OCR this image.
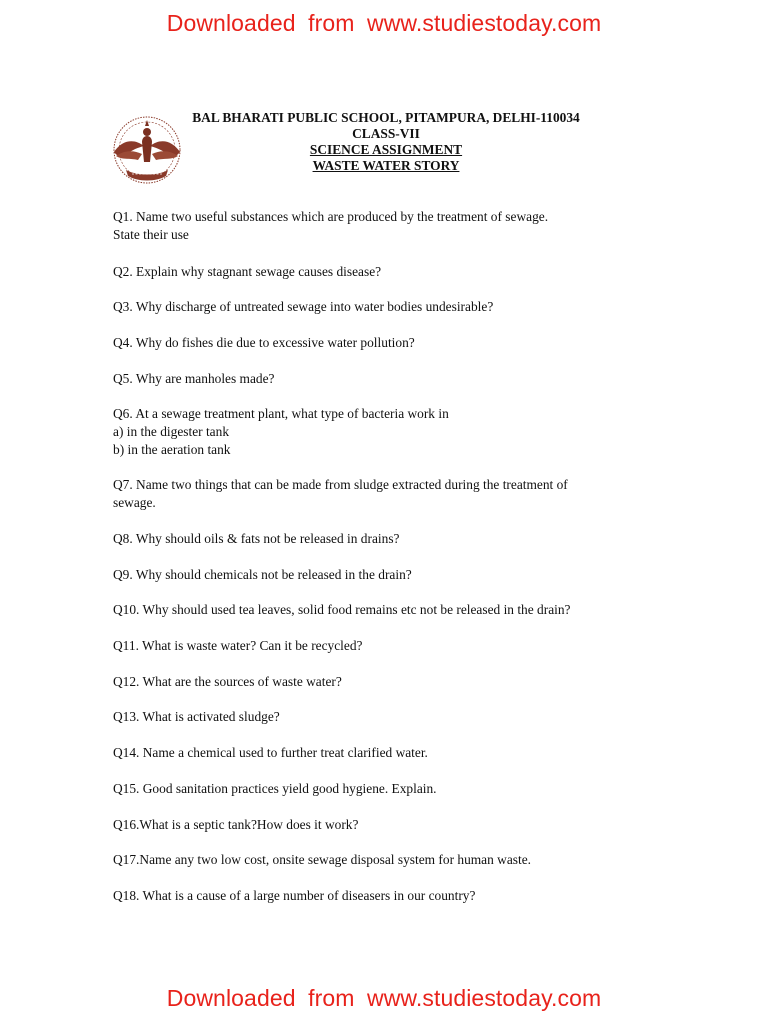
Downloaded from www.studiestoday.com
BAL BHARATI PUBLIC SCHOOL, PITAMPURA, DELHI-110034
CLASS-VII
SCIENCE ASSIGNMENT
WASTE WATER STORY
Q1. Name two useful substances which are produced by the treatment of sewage.
State their use
Q2. Explain why stagnant sewage causes disease?
Q3. Why discharge of untreated sewage into water bodies undesirable?
Q4. Why do fishes die due to excessive water pollution?
Q5. Why are manholes made?
Q6. At a sewage treatment plant, what type of bacteria work in
a) in the digester tank
b) in the aeration tank
Q7. Name two things that can be made from sludge extracted during the treatment of
sewage.
Q8. Why should oils & fats not be released in drains?
Q9. Why should chemicals not be released in the drain?
Q10. Why should used tea leaves, solid food remains etc not be released in the drain?
Q11. What is waste water? Can it be recycled?
Q12. What are the sources of waste water?
Q13. What is activated sludge?
Q14. Name a chemical used to further treat clarified water.
Q15. Good sanitation practices yield good hygiene. Explain.
Q16.What is a septic tank?How does it work?
Q17.Name any two low cost, onsite sewage disposal system for human waste.
Q18. What is a cause of a large number of diseasers in our country?
Downloaded from www.studiestoday.com
